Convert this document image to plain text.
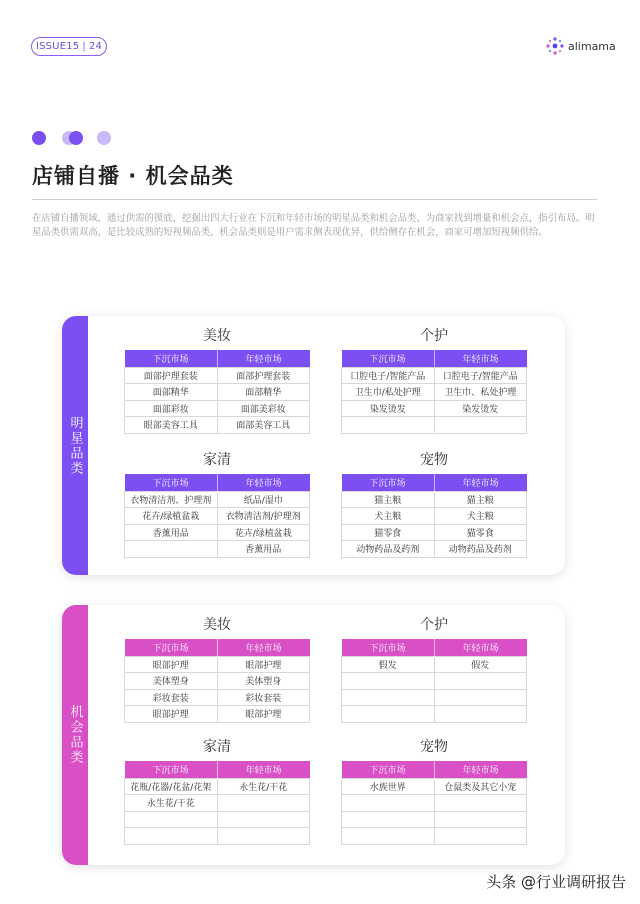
ISSUE15 | 24	alimama
店铺自播 · 机会品类

在店铺自播领域，通过供需的摸底，挖掘出四大行业在下沉和年轻市场的明星品类和机会品类，为商家找到增量和机会点，指引布局。明星品类供需双高，是比较成熟的短视频品类，机会品类则是用户需求侧表现优异，供给侧存在机会，商家可增加短视频供给。

明星品类
美妆
下沉市场	年轻市场
面部护理套装	面部护理套装
面部精华	面部精华
面部彩妆	面部美彩妆
眼部美容工具	面部美容工具
个护
下沉市场	年轻市场
口腔电子/智能产品	口腔电子/智能产品
卫生巾/私处护理	卫生巾、私处护理
染发烫发	染发烫发

家清
下沉市场	年轻市场
衣物清洁剂、护理剂	纸品/湿巾
花卉/绿植盆栽	衣物清洁剂/护理剂
香薰用品	花卉/绿植盆栽
	香薰用品
宠物
下沉市场	年轻市场
猫主粮	猫主粮
犬主粮	犬主粮
猫零食	猫零食
动物药品及药剂	动物药品及药剂
机会品类
美妆
下沉市场	年轻市场
眼部护理	眼部护理
美体塑身	美体塑身
彩妆套装	彩妆套装
眼部护理	眼部护理
个护
下沉市场	年轻市场
假发	假发

家清
下沉市场	年轻市场
花瓶/花器/花盆/花架	永生花/干花
永生花/干花	

宠物
下沉市场	年轻市场
水族世界	仓鼠类及其它小宠

头条 @行业调研报告
